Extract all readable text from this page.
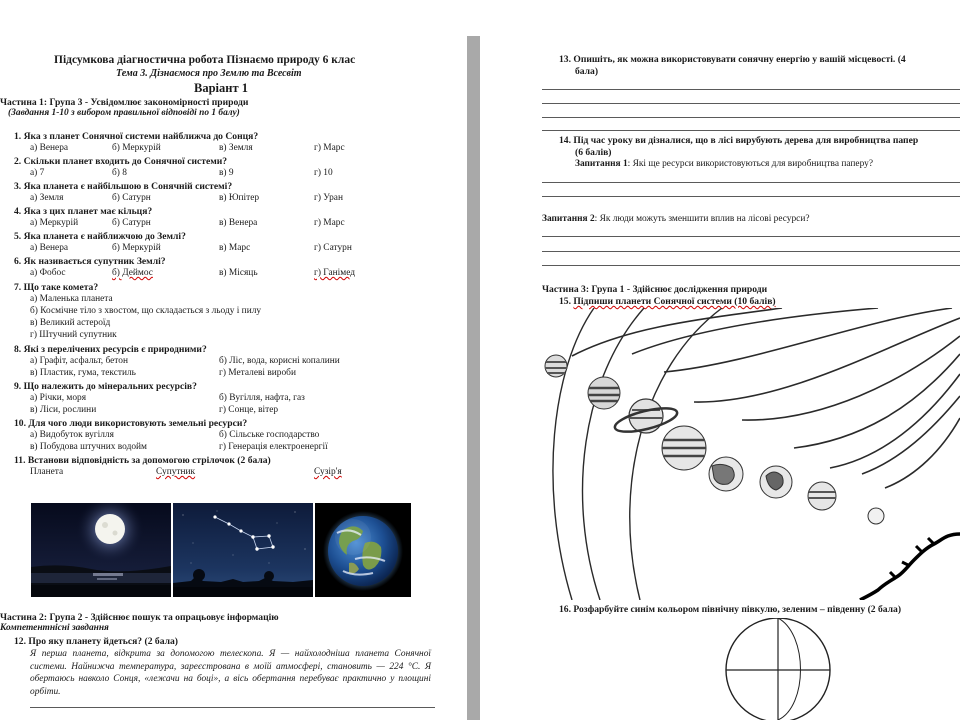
Підсумкова діагностична робота Пізнаємо природу 6 клас
Тема 3. Дізнаємося про Землю та Всесвіт
Варіант 1
Частина 1: Група 3 - Усвідомлює закономірності природи
(Завдання 1-10 з вибором правильної відповіді по 1 балу)
1. Яка з планет Сонячної системи найближча до Сонця?
а) Венера	б) Меркурій	в) Земля	г) Марс
2. Скільки планет входить до Сонячної системи?
а) 7	б) 8	в) 9	г) 10
3. Яка планета є найбільшою в Сонячній системі?
а) Земля	б) Сатурн	в) Юпітер	г) Уран
4. Яка з цих планет має кільця?
а) Меркурій	б) Сатурн	в) Венера	г) Марс
5. Яка планета є найближчою до Землі?
а) Венера	б) Меркурій	в) Марс	г) Сатурн
6. Як називається супутник Землі?
а) Фобос	б) Деймос	в) Місяць	г) Ганімед
7. Що таке комета?
а) Маленька планета
б) Космічне тіло з хвостом, що складається з льоду і пилу
в) Великий астероїд
г) Штучний супутник
8. Які з перелічених ресурсів є природними?
а) Графіт, асфальт, бетон	б) Ліс, вода, корисні копалини
в) Пластик, гума, текстиль	г) Металеві вироби
9. Що належить до мінеральних ресурсів?
а) Річки, моря	б) Вугілля, нафта, газ
в) Ліси, рослини	г) Сонце, вітер
10. Для чого люди використовують земельні ресурси?
а) Видобуток вугілля	б) Сільське господарство
в) Побудова штучних водойм	г) Генерація електроенергії
11. Встанови відповідність за допомогою стрілочок (2 бала)
Планета	Супутник	Сузір'я
Частина 2: Група 2 - Здійснює пошук та опрацьовує інформацію
Компетентнісні завдання
12. Про яку планету йдеться? (2 бала)
Я перша планета, відкрита за допомогою телескопа. Я — найхолодніша планета Сонячної системи. Найнижча температура, зареєстрована в моїй атмосфері, становить — 224 °С. Я обертаюсь навколо Сонця, «лежачи на боці», а вісь обертання перебуває практично у площині орбіти.
13. Опишіть, як можна використовувати сонячну енергію у вашій місцевості. (4
бала)
14. Під час уроку ви дізналися, що в лісі вирубують дерева для виробництва папер
(6 балів)
Запитання 1: Які ще ресурси використовуються для виробництва паперу?
Запитання 2: Як люди можуть зменшити вплив на лісові ресурси?
Частина 3: Група 1 - Здійснює дослідження природи
15. Підпиши планети Сонячної системи (10 балів)
16. Розфарбуйте синім кольором північну півкулю, зеленим – південну (2 бала)
